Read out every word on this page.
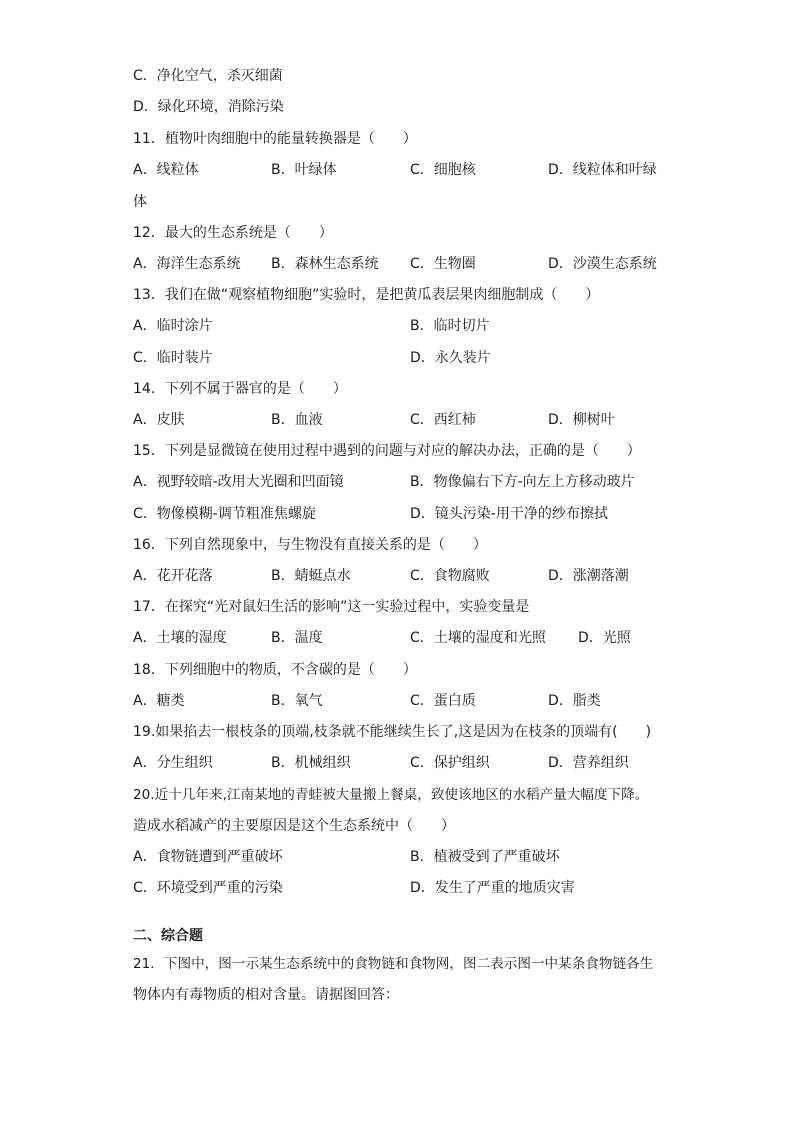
C．净化空气，杀灭细菌
D．绿化环境，消除污染
11．植物叶肉细胞中的能量转换器是（　　）
A．线粒体	B．叶绿体	C．细胞核	D．线粒体和叶绿
体
12．最大的生态系统是（　　）
A．海洋生态系统 B．森林生态系统 C．生物圈	D．沙漠生态系统
13．我们在做“观察植物细胞”实验时，是把黄瓜表层果肉细胞制成（　　）
A．临时涂片	B．临时切片
C．临时装片	D．永久装片
14．下列不属于器官的是（　　）
A．皮肤	B．血液	C．西红柿	D．柳树叶
15．下列是显微镜在使用过程中遇到的问题与对应的解决办法，正确的是（　　）
A．视野较暗-改用大光圈和凹面镜	B．物像偏右下方-向左上方移动玻片
C．物像模糊-调节粗准焦螺旋	D．镜头污染-用干净的纱布擦拭
16．下列自然现象中，与生物没有直接关系的是（　　）
A．花开花落	B．蜻蜓点水	C．食物腐败	D．涨潮落潮
17．在探究“光对鼠妇生活的影响”这一实验过程中，实验变量是
A．土壤的湿度	B．温度	C．土壤的湿度和光照 D．光照
18．下列细胞中的物质，不含碳的是（　　）
A．糖类	B．氧气	C．蛋白质	D．脂类
19.如果掐去一根枝条的顶端,枝条就不能继续生长了,这是因为在枝条的顶端有(　　)
A．分生组织	B．机械组织	C．保护组织	D．营养组织
20.近十几年来,江南某地的青蛙被大量搬上餐桌，致使该地区的水稻产量大幅度下降。
造成水稻减产的主要原因是这个生态系统中（　　）
A．食物链遭到严重破坏	B．植被受到了严重破坏
C．环境受到严重的污染	D．发生了严重的地质灾害
二、综合题
21．下图中，图一示某生态系统中的食物链和食物网，图二表示图一中某条食物链各生
物体内有毒物质的相对含量。请据图回答：
